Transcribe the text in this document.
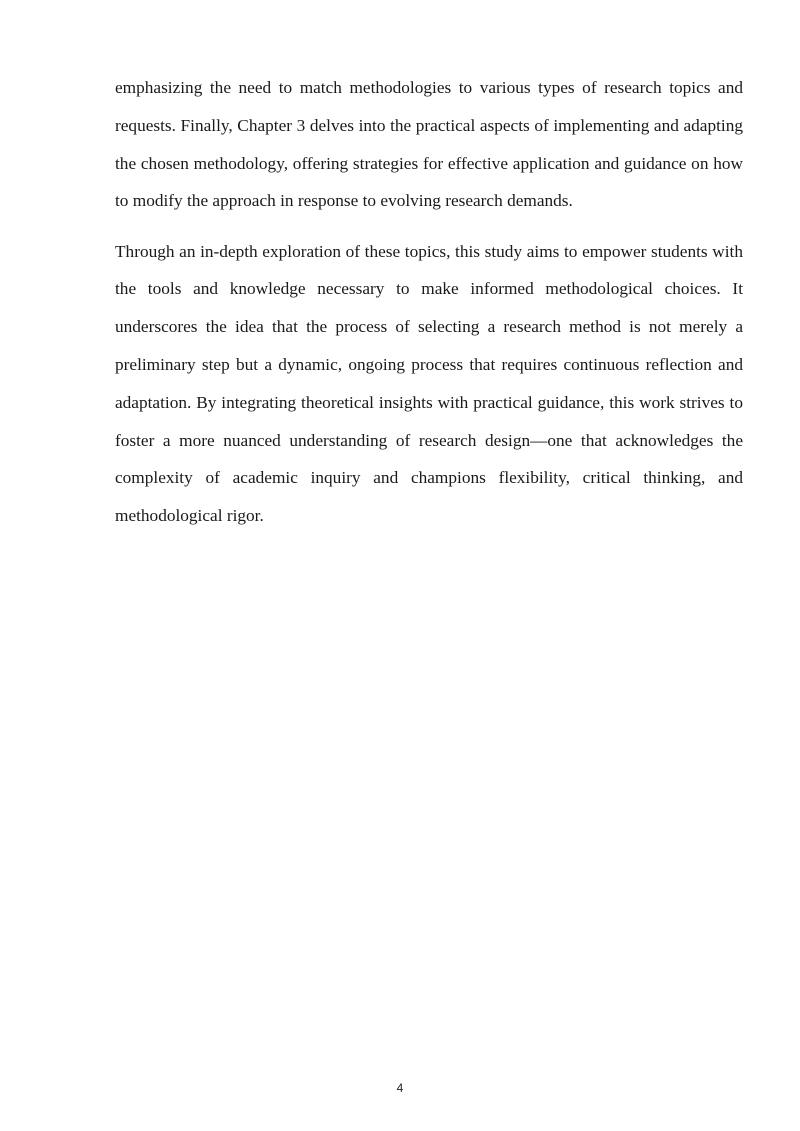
emphasizing the need to match methodologies to various types of research topics and requests. Finally, Chapter 3 delves into the practical aspects of implementing and adapting the chosen methodology, offering strategies for effective application and guidance on how to modify the approach in response to evolving research demands.

Through an in-depth exploration of these topics, this study aims to empower students with the tools and knowledge necessary to make informed methodological choices. It underscores the idea that the process of selecting a research method is not merely a preliminary step but a dynamic, ongoing process that requires continuous reflection and adaptation. By integrating theoretical insights with practical guidance, this work strives to foster a more nuanced understanding of research design—one that acknowledges the complexity of academic inquiry and champions flexibility, critical thinking, and methodological rigor.

4
